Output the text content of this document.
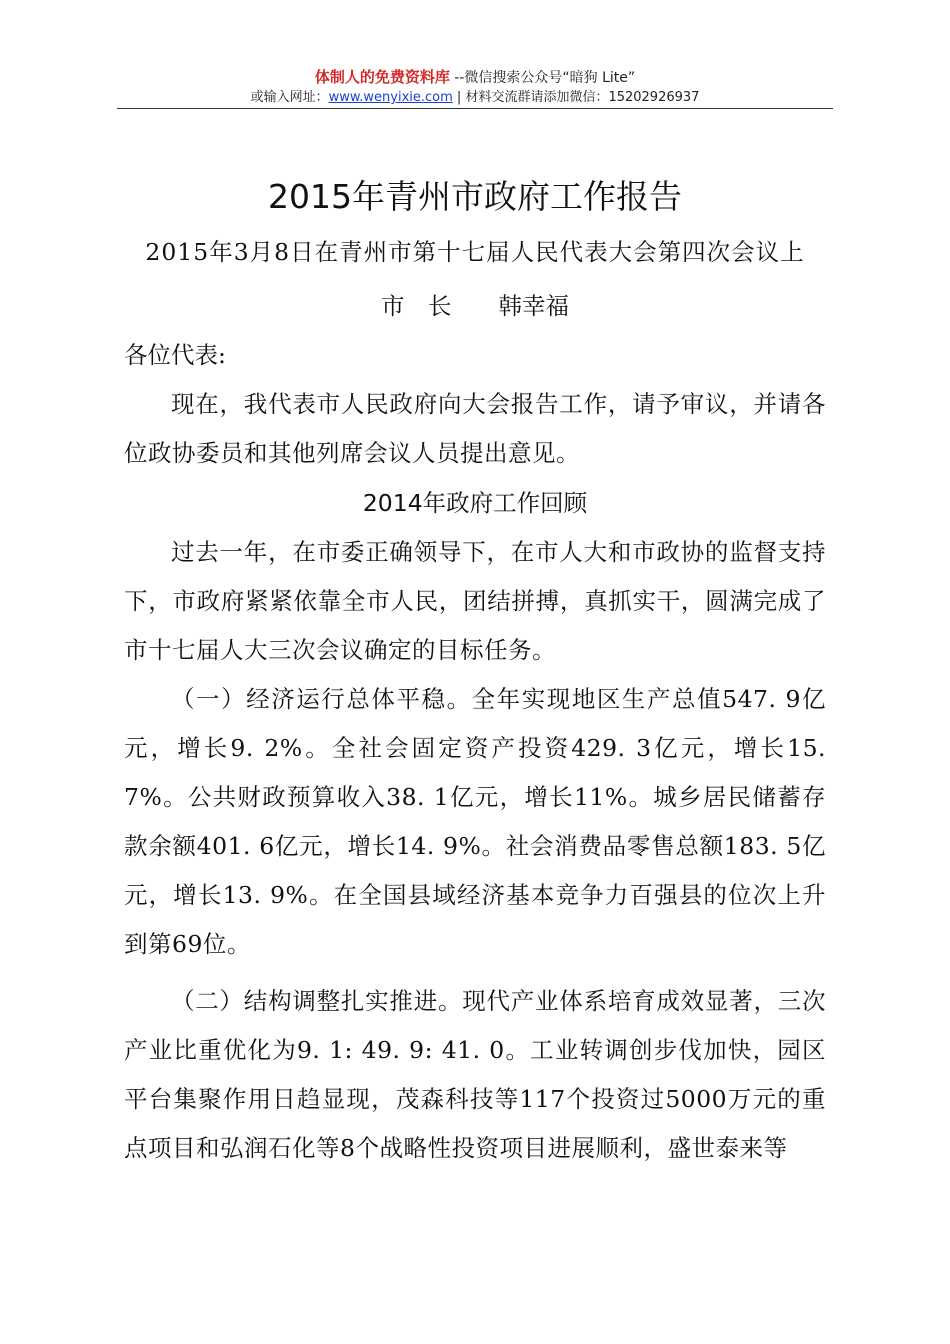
体制人的免费资料库 --微信搜索公众号“暗狗 Lite”
或输入网址：www.wenyixie.com | 材料交流群请添加微信：15202926937
2015年青州市政府工作报告

2015年3月8日在青州市第十七届人民代表大会第四次会议上

市　长　　韩幸福

各位代表:

现在，我代表市人民政府向大会报告工作，请予审议，并请各位政协委员和其他列席会议人员提出意见。

2014年政府工作回顾

过去一年，在市委正确领导下，在市人大和市政协的监督支持下，市政府紧紧依靠全市人民，团结拼搏，真抓实干，圆满完成了市十七届人大三次会议确定的目标任务。

（一）经济运行总体平稳。全年实现地区生产总值547. 9亿元，增长9. 2%。全社会固定资产投资429. 3亿元，增长15. 7%。公共财政预算收入38. 1亿元，增长11%。城乡居民储蓄存款余额401. 6亿元，增长14. 9%。社会消费品零售总额183. 5亿元，增长13. 9%。在全国县域经济基本竞争力百强县的位次上升到第69位。

（二）结构调整扎实推进。现代产业体系培育成效显著，三次产业比重优化为9. 1: 49. 9: 41. 0。工业转调创步伐加快，园区平台集聚作用日趋显现，茂森科技等117个投资过5000万元的重点项目和弘润石化等8个战略性投资项目进展顺利，盛世泰来等
